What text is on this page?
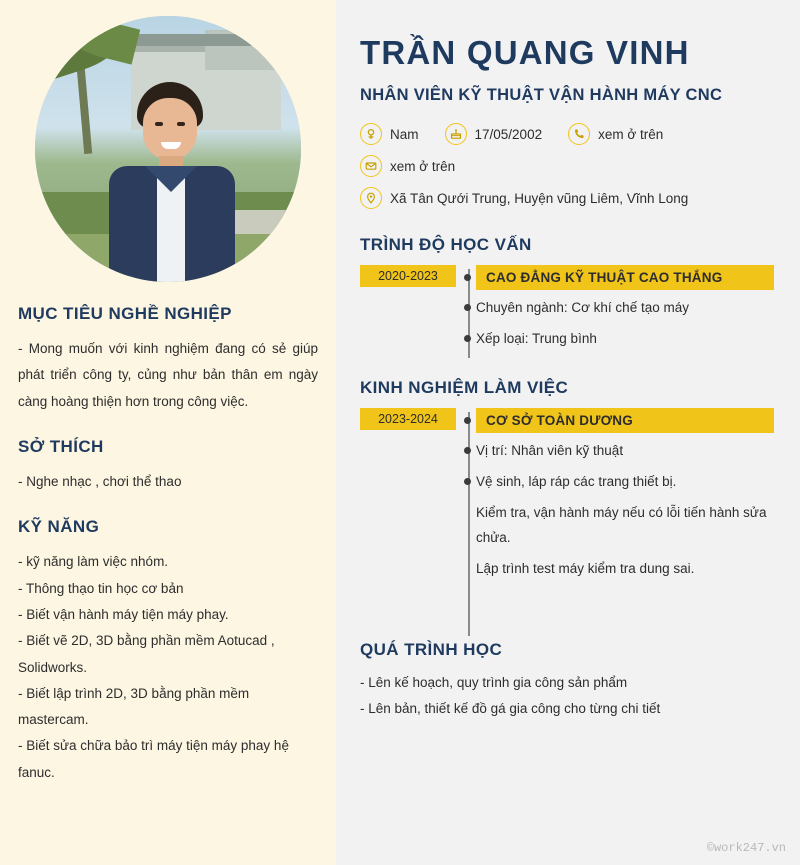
MỤC TIÊU NGHỀ NGHIỆP

- Mong muốn với kinh nghiệm đang có sẻ giúp phát triển công ty, củng như bản thân em ngày càng hoàng thiện hơn trong công việc.

SỞ THÍCH
- Nghe nhạc , chơi thể thao
KỸ NĂNG
- kỹ năng làm việc nhóm.
- Thông thạo tin học cơ bản
- Biết vận hành máy tiện máy phay.
- Biết vẽ 2D, 3D bằng phần mềm Aotucad , Solidworks.
- Biết lập trình 2D, 3D bằng phần mềm mastercam.
- Biết sửa chữa bảo trì máy tiện máy phay hệ fanuc.
TRẦN QUANG VINH
NHÂN VIÊN KỸ THUẬT VẬN HÀNH MÁY CNC
Nam	17/05/2002	xem ở trên
xem ở trên
Xã Tân Qưới Trung, Huyện vũng Liêm, Vĩnh Long
TRÌNH ĐỘ HỌC VẤN
2020-2023	CAO ĐẲNG KỸ THUẬT CAO THẮNG
Chuyên ngành: Cơ khí chế tạo máy
Xếp loại: Trung bình
KINH NGHIỆM LÀM VIỆC
2023-2024	CƠ SỞ TOÀN DƯƠNG
Vị trí: Nhân viên kỹ thuật
Vệ sinh, láp ráp các trang thiết bị.
Kiểm tra, vận hành máy nếu có lỗi tiến hành sửa chửa.
Lập trình test máy kiểm tra dung sai.
QUÁ TRÌNH HỌC

- Lên kế hoạch, quy trình gia công sản phẩm

- Lên bản, thiết kế đồ gá gia công cho từng chi tiết

©work247.vn
